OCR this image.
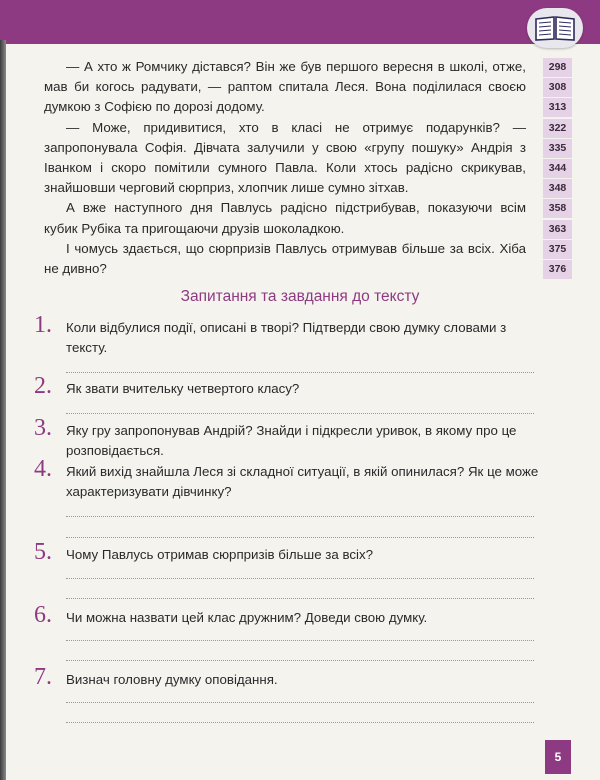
— А хто ж Ромчику дістався? Він же був першого вересня в школі, отже, мав би когось радувати, — раптом спитала Леся. Вона поділилася своєю думкою з Софією по дорозі додому.

— Може, придивитися, хто в класі не отримує подарунків? — запропонувала Софія. Дівчата залучили у свою «групу пошуку» Андрія з Іванком і скоро помітили сумного Павла. Коли хтось радісно скрикував, знайшовши черговий сюрприз, хлопчик лише сумно зітхав.

А вже наступного дня Павлусь радісно підстрибував, показуючи всім кубик Рубіка та пригощаючи друзів шоколадкою.

І чомусь здається, що сюрпризів Павлусь отримував більше за всіх. Хіба не дивно?

298
308
313
322
335
344
348
358
363
375
376
Запитання та завдання до тексту
1. Коли відбулися події, описані в творі? Підтверди свою думку словами з тексту.
2. Як звати вчительку четвертого класу?
3. Яку гру запропонував Андрій? Знайди і підкресли уривок, в якому про це розповідається.
4. Який вихід знайшла Леся зі складної ситуації, в якій опинилася? Як це може характеризувати дівчинку?
5. Чому Павлусь отримав сюрпризів більше за всіх?
6. Чи можна назвати цей клас дружним? Доведи свою думку.
7. Визнач головну думку оповідання.
5
